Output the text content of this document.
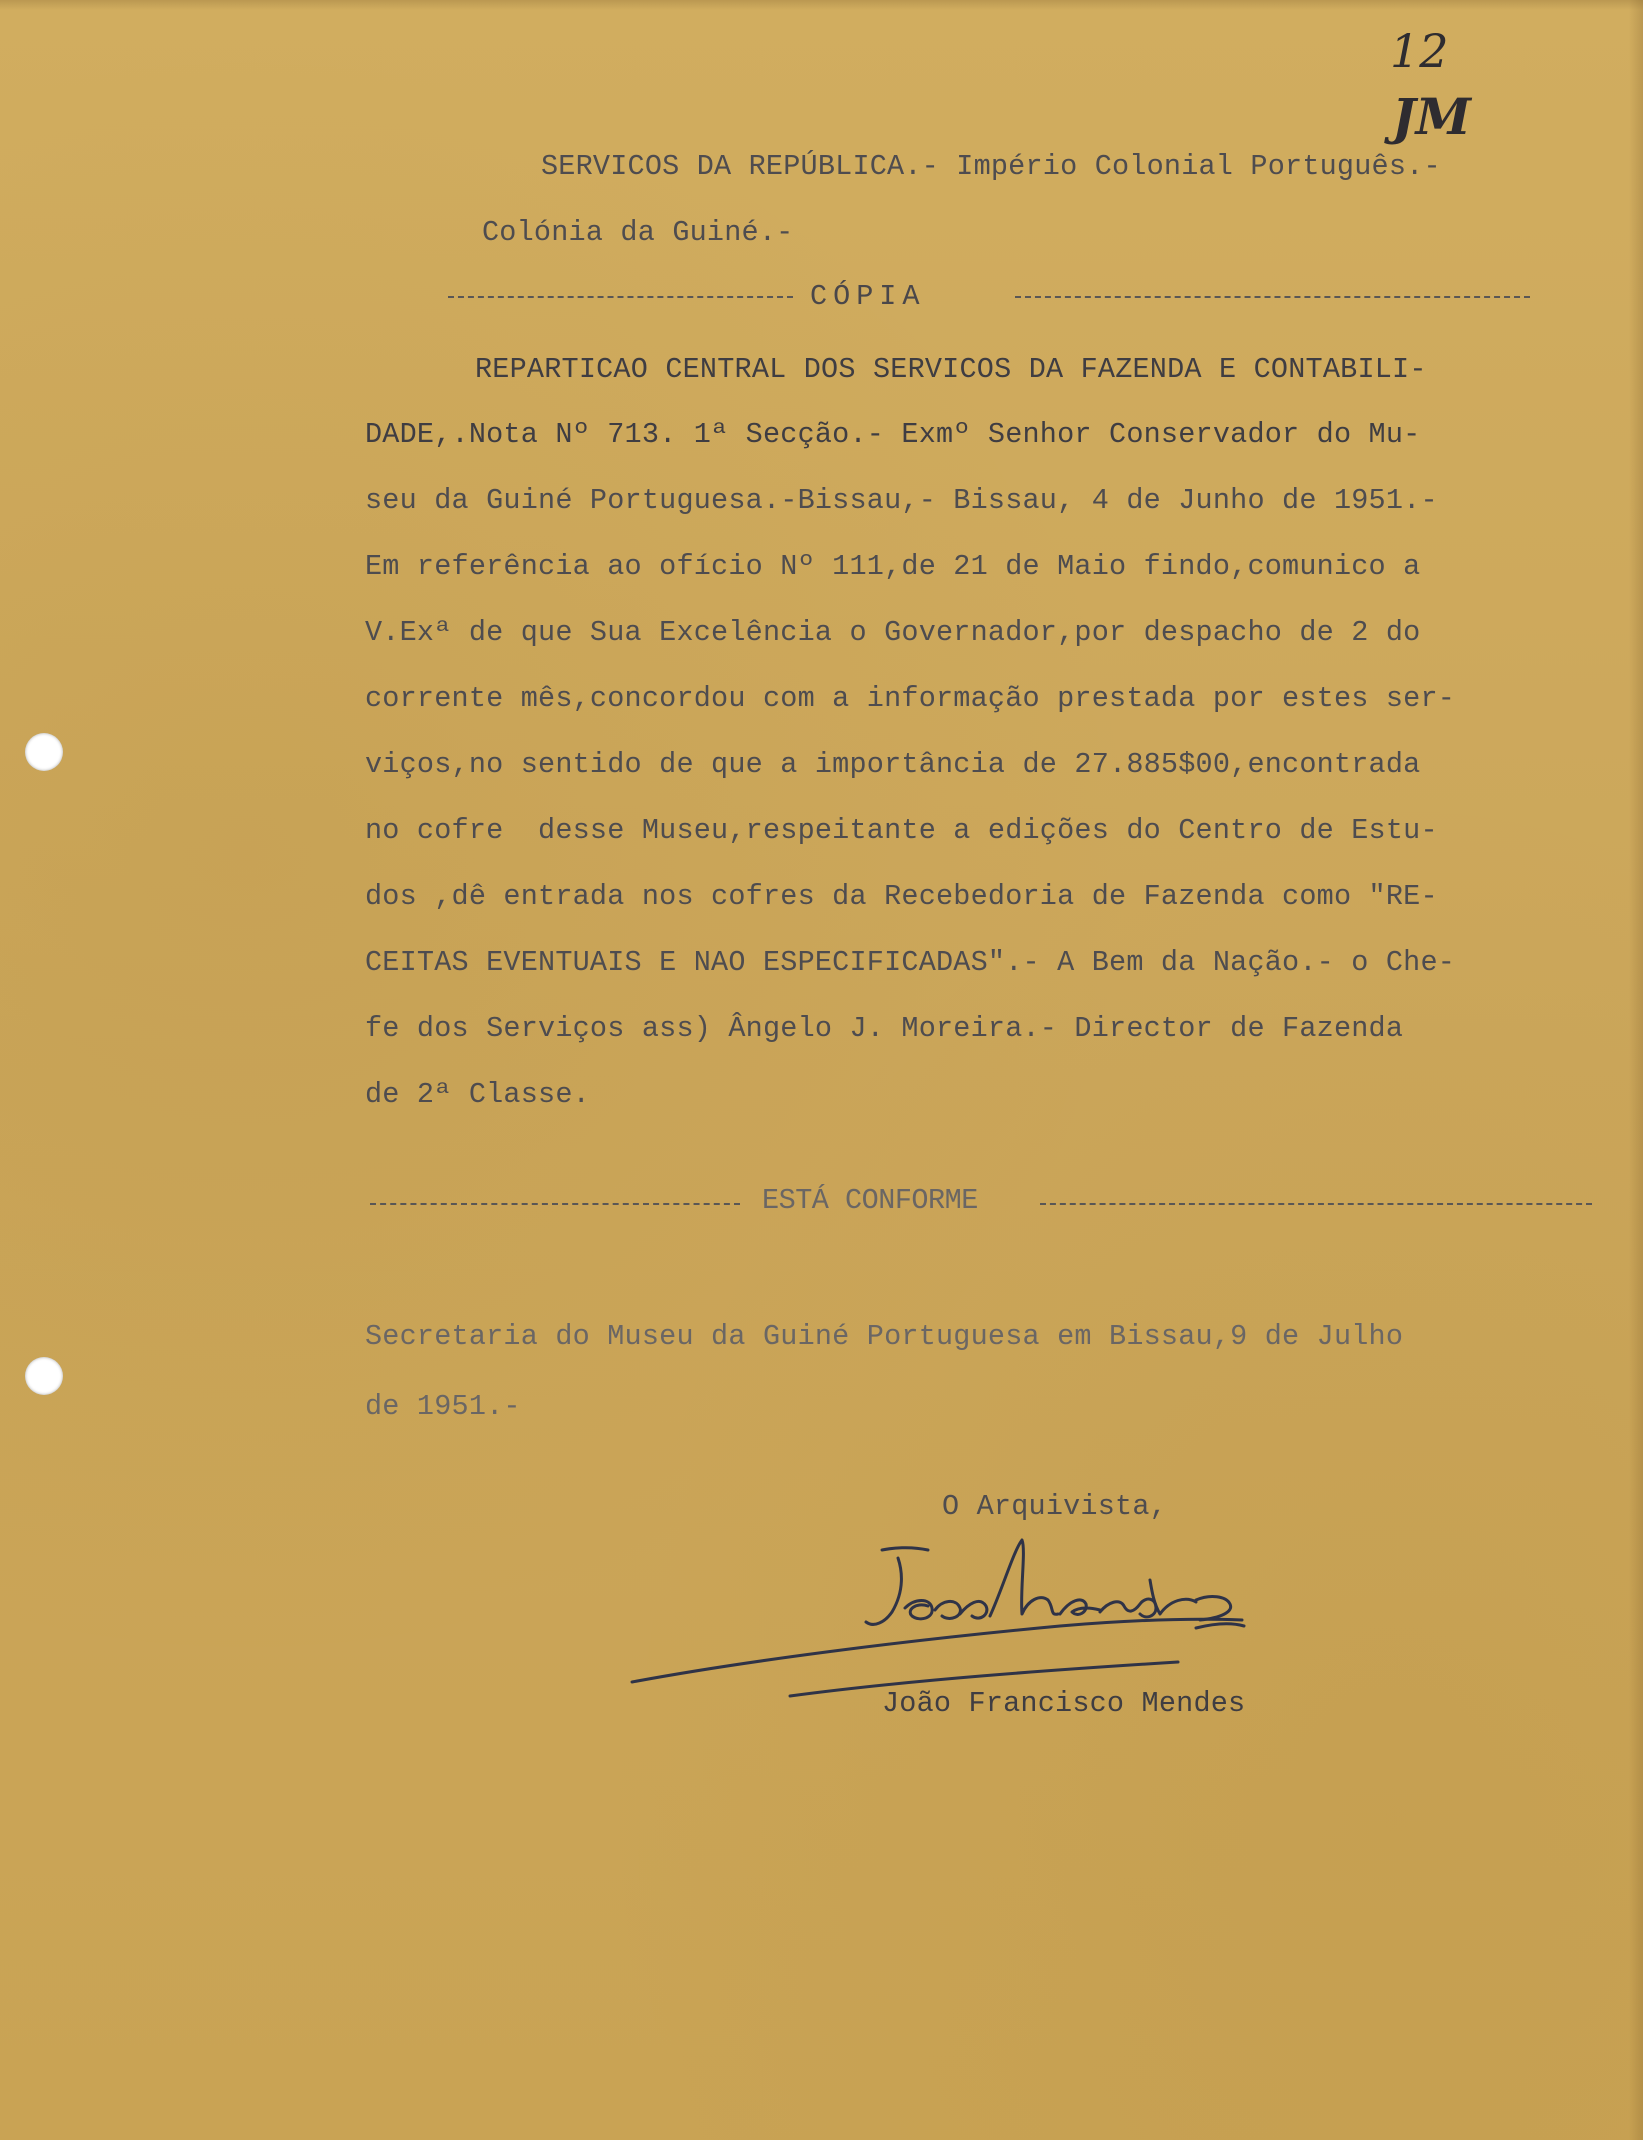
12
JM
SERVICOS DA REPÚBLICA.- Império Colonial Português.-
Colónia da Guiné.-
CÓPIA
REPARTICAO CENTRAL DOS SERVICOS DA FAZENDA E CONTABILI-
DADE,.Nota Nº 713. 1ª Secção.- Exmº Senhor Conservador do Mu-
seu da Guiné Portuguesa.-Bissau,- Bissau, 4 de Junho de 1951.-
Em referência ao ofício Nº 111,de 21 de Maio findo,comunico a
V.Exª de que Sua Excelência o Governador,por despacho de 2 do
corrente mês,concordou com a informação prestada por estes ser-
viços,no sentido de que a importância de 27.885$00,encontrada
no cofre  desse Museu,respeitante a edições do Centro de Estu-
dos ,dê entrada nos cofres da Recebedoria de Fazenda como "RE-
CEITAS EVENTUAIS E NAO ESPECIFICADAS".- A Bem da Nação.- o Che-
fe dos Serviços ass) Ângelo J. Moreira.- Director de Fazenda
de 2ª Classe.
ESTÁ CONFORME
Secretaria do Museu da Guiné Portuguesa em Bissau,9 de Julho
de 1951.-
O Arquivista,
João Mendes
João Francisco Mendes
